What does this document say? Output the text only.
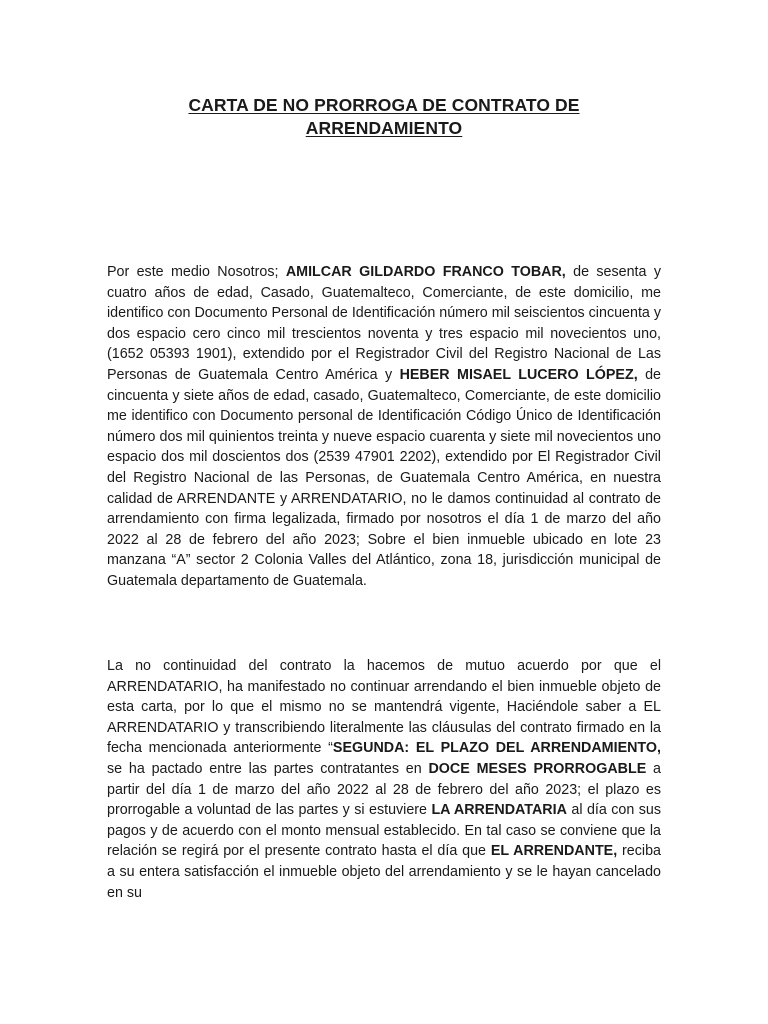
CARTA DE NO PRORROGA DE CONTRATO DE
ARRENDAMIENTO
Por este medio Nosotros; AMILCAR GILDARDO FRANCO TOBAR, de sesenta y cuatro años de edad, Casado, Guatemalteco, Comerciante, de este domicilio, me identifico con Documento Personal de Identificación número mil seiscientos cincuenta y dos espacio cero cinco mil trescientos noventa y tres espacio mil novecientos uno, (1652 05393 1901), extendido por el Registrador Civil del Registro Nacional de Las Personas de Guatemala Centro América y HEBER MISAEL LUCERO LÓPEZ, de cincuenta y siete años de edad, casado, Guatemalteco, Comerciante, de este domicilio me identifico con Documento personal de Identificación Código Único de Identificación número dos mil quinientos treinta y nueve espacio cuarenta y siete mil novecientos uno espacio dos mil doscientos dos (2539 47901 2202), extendido por El Registrador Civil del Registro Nacional de las Personas, de Guatemala Centro América, en nuestra calidad de ARRENDANTE y ARRENDATARIO, no le damos continuidad al contrato de arrendamiento con firma legalizada, firmado por nosotros el día 1 de marzo del año 2022 al 28 de febrero del año 2023; Sobre el bien inmueble ubicado en lote 23 manzana “A” sector 2 Colonia Valles del Atlántico, zona 18, jurisdicción municipal de Guatemala departamento de Guatemala.
La no continuidad del contrato la hacemos de mutuo acuerdo por que el ARRENDATARIO, ha manifestado no continuar arrendando el bien inmueble objeto de esta carta, por lo que el mismo no se mantendrá vigente, Haciéndole saber a EL ARRENDATARIO y transcribiendo literalmente las cláusulas del contrato firmado en la fecha mencionada anteriormente “SEGUNDA: EL PLAZO DEL ARRENDAMIENTO, se ha pactado entre las partes contratantes en DOCE MESES PRORROGABLE a partir del día 1 de marzo del año 2022 al 28 de febrero del año 2023; el plazo es prorrogable a voluntad de las partes y si estuviere LA ARRENDATARIA al día con sus pagos y de acuerdo con el monto mensual establecido. En tal caso se conviene que la relación se regirá por el presente contrato hasta el día que EL ARRENDANTE, reciba a su entera satisfacción el inmueble objeto del arrendamiento y se le hayan cancelado en su
